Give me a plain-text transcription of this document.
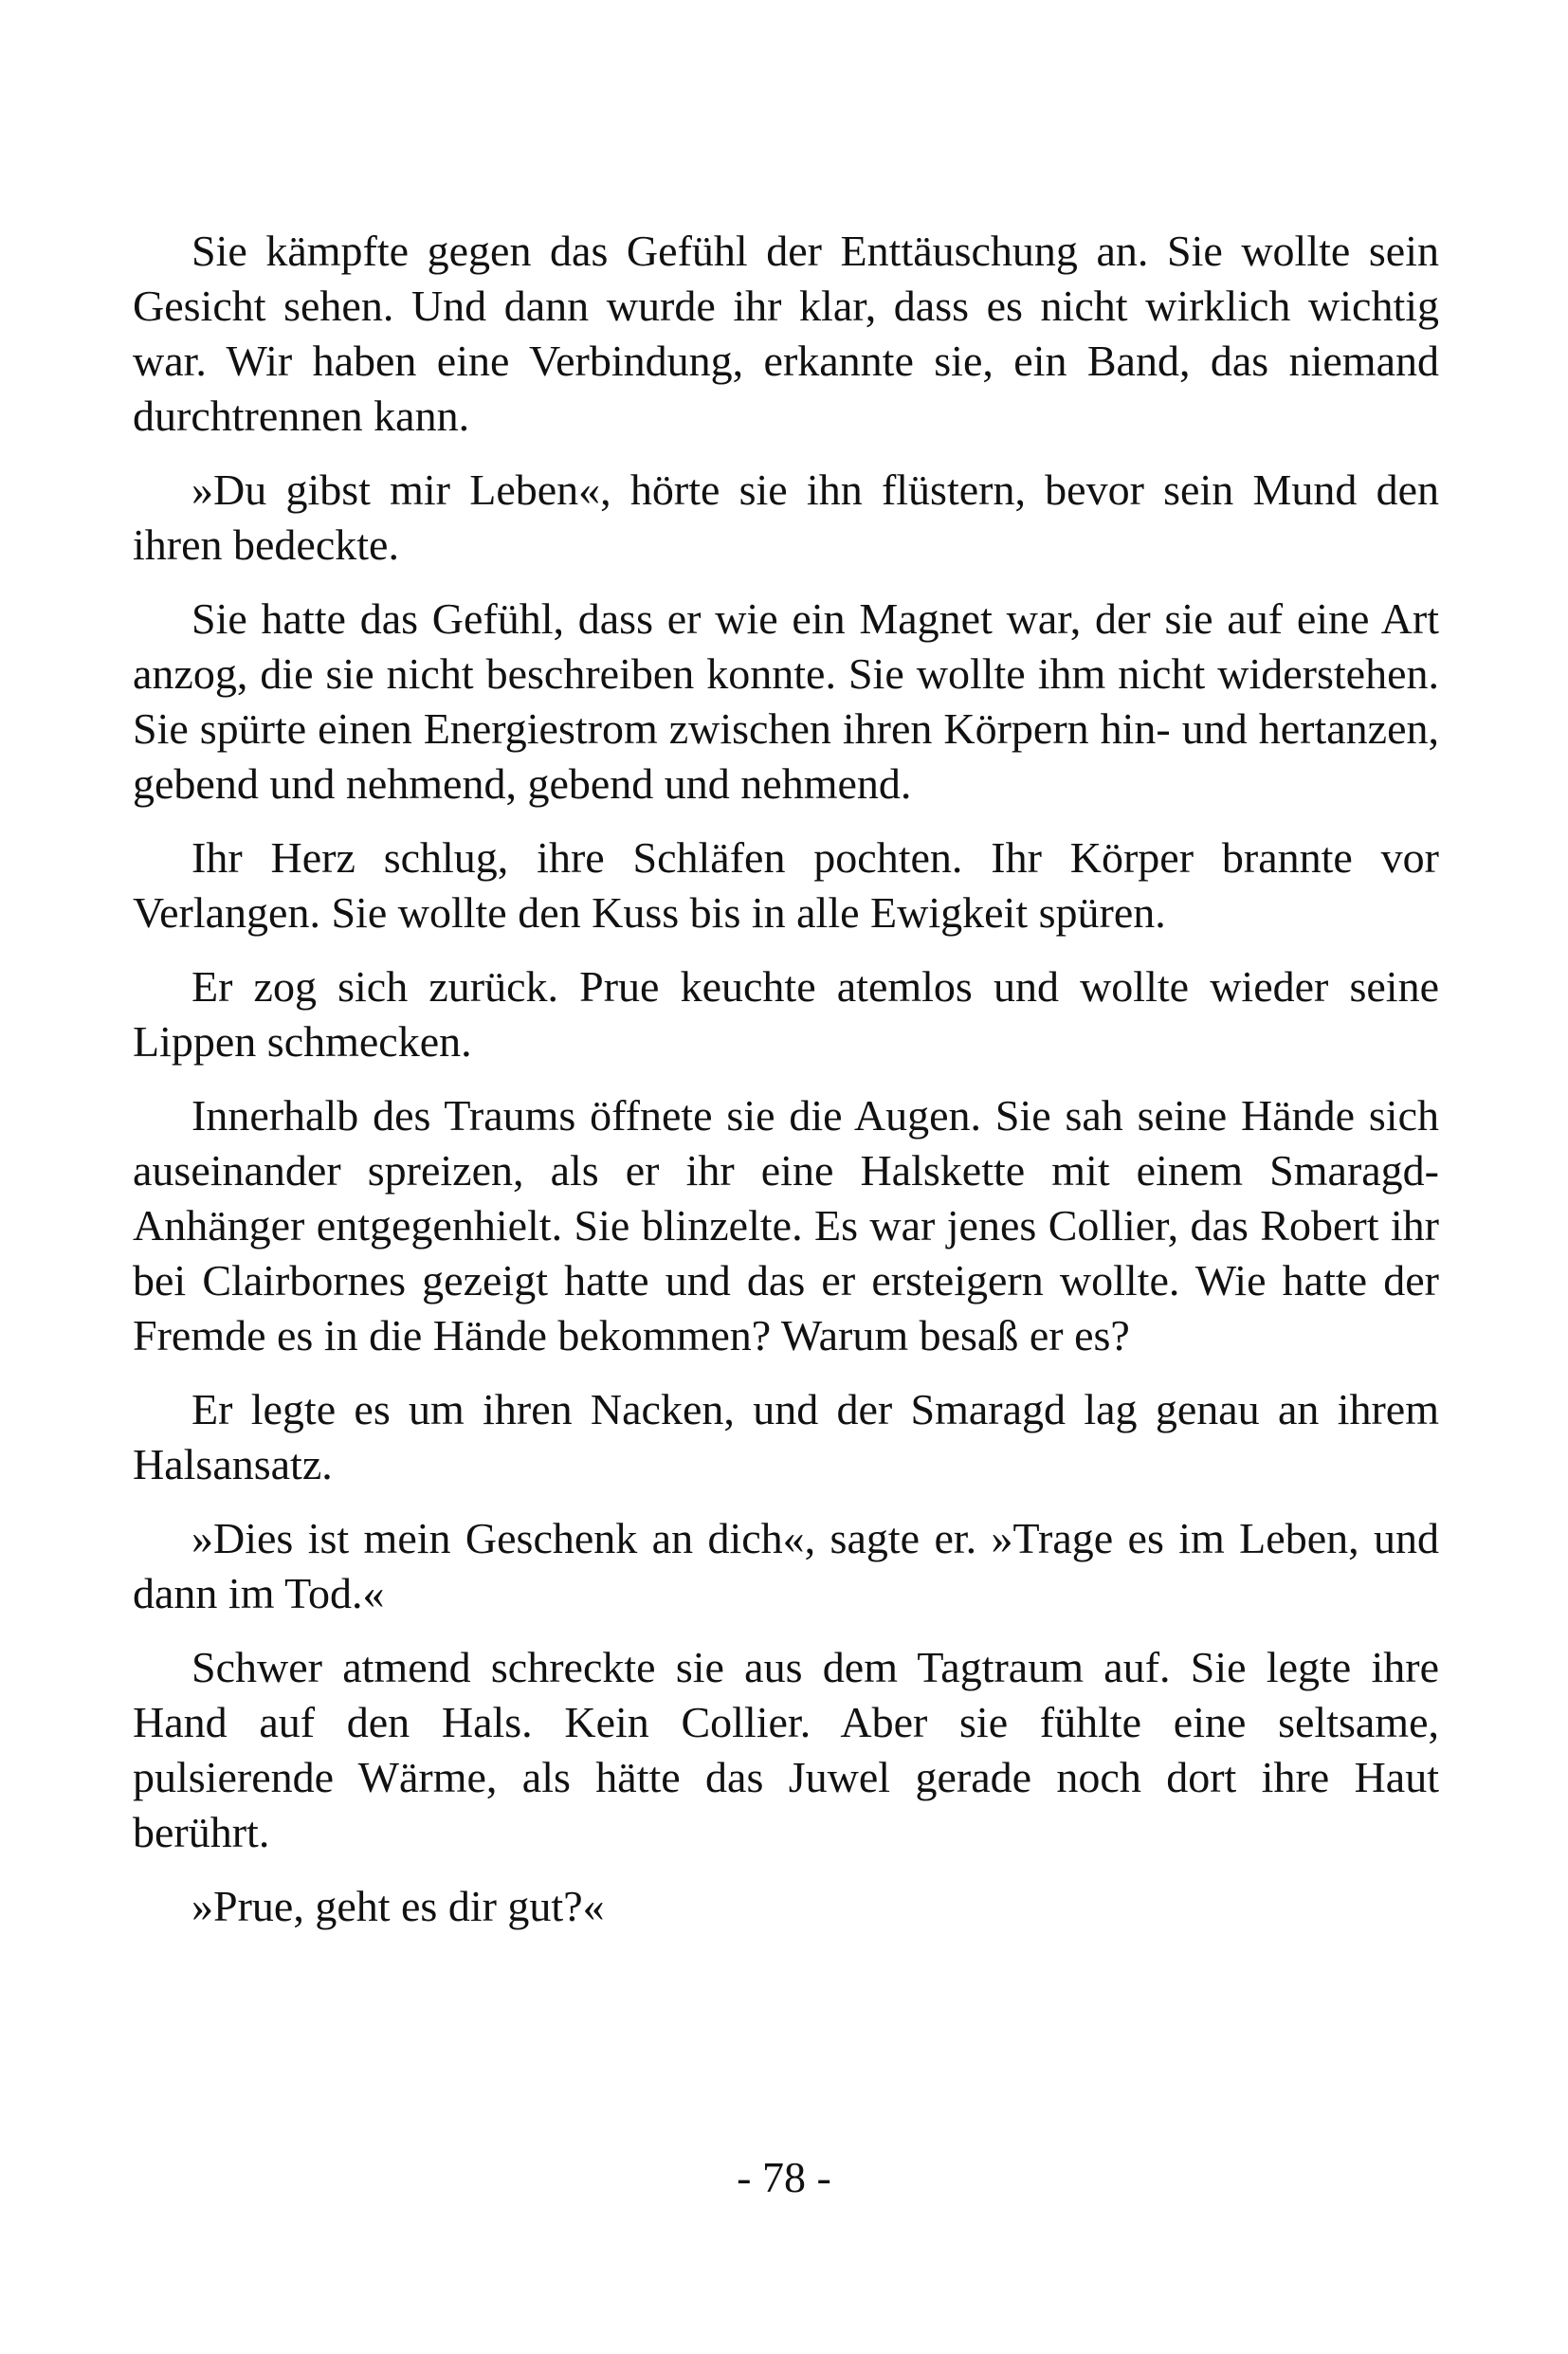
Sie kämpfte gegen das Gefühl der Enttäuschung an. Sie wollte sein Gesicht sehen. Und dann wurde ihr klar, dass es nicht wirklich wichtig war. Wir haben eine Verbindung, erkannte sie, ein Band, das niemand durchtrennen kann.

»Du gibst mir Leben«, hörte sie ihn flüstern, bevor sein Mund den ihren bedeckte.

Sie hatte das Gefühl, dass er wie ein Magnet war, der sie auf eine Art anzog, die sie nicht beschreiben konnte. Sie wollte ihm nicht widerstehen. Sie spürte einen Energiestrom zwischen ihren Körpern hin- und hertanzen, gebend und nehmend, gebend und nehmend.

Ihr Herz schlug, ihre Schläfen pochten. Ihr Körper brannte vor Verlangen. Sie wollte den Kuss bis in alle Ewigkeit spüren.

Er zog sich zurück. Prue keuchte atemlos und wollte wieder seine Lippen schmecken.

Innerhalb des Traums öffnete sie die Augen. Sie sah seine Hände sich auseinander spreizen, als er ihr eine Halskette mit einem Smaragd-Anhänger entgegenhielt. Sie blinzelte. Es war jenes Collier, das Robert ihr bei Clairbornes gezeigt hatte und das er ersteigern wollte. Wie hatte der Fremde es in die Hände bekommen? Warum besaß er es?

Er legte es um ihren Nacken, und der Smaragd lag genau an ihrem Halsansatz.

»Dies ist mein Geschenk an dich«, sagte er. »Trage es im Leben, und dann im Tod.«

Schwer atmend schreckte sie aus dem Tagtraum auf. Sie legte ihre Hand auf den Hals. Kein Collier. Aber sie fühlte eine seltsame, pulsierende Wärme, als hätte das Juwel gerade noch dort ihre Haut berührt.

»Prue, geht es dir gut?«

- 78 -
